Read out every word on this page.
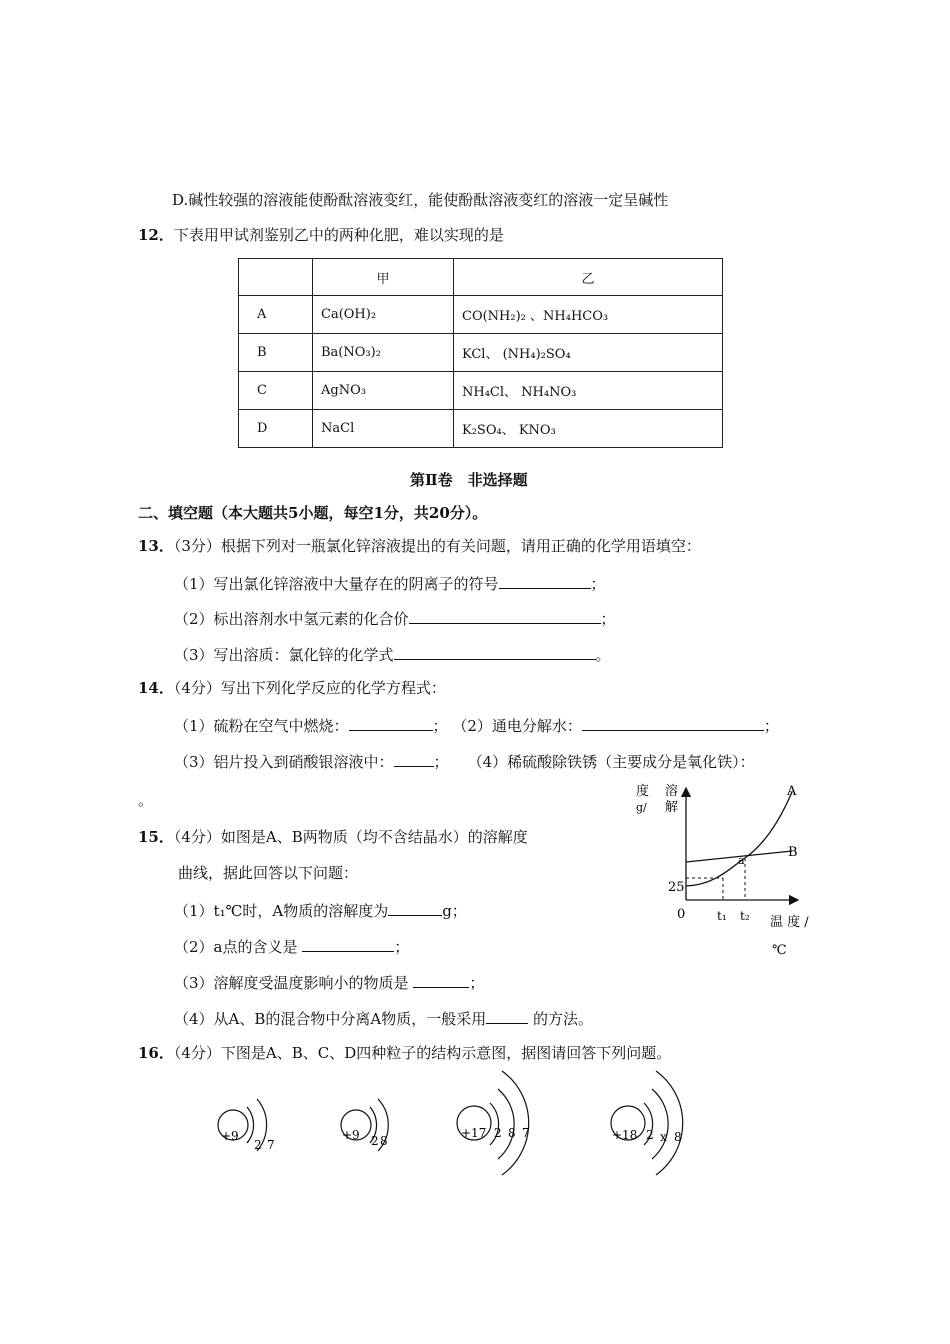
D.碱性较强的溶液能使酚酞溶液变红，能使酚酞溶液变红的溶液一定呈碱性
12．下表用甲试剂鉴别乙中的两种化肥，难以实现的是
	甲	乙
A	Ca(OH)₂	CO(NH₂)₂ 、NH₄HCO₃
B	Ba(NO₃)₂	KCl、 (NH₄)₂SO₄
C	AgNO₃	NH₄Cl、 NH₄NO₃
D	NaCl	K₂SO₄、 KNO₃
第Ⅱ卷　非选择题
二、填空题（本大题共5小题，每空1分，共20分）。
13．（3分）根据下列对一瓶氯化锌溶液提出的有关问题，请用正确的化学用语填空：
（1）写出氯化锌溶液中大量存在的阴离子的符号	；
（2）标出溶剂水中氢元素的化合价	；
（3）写出溶质：氯化锌的化学式	。
14．（4分）写出下列化学反应的化学方程式：
（1）硫粉在空气中燃烧：	； （2）通电分解水：	；
（3）铝片投入到硝酸银溶液中：	； （4）稀硫酸除铁锈（主要成分是氧化铁）：
。
15．（4分）如图是A、B两物质（均不含结晶水）的溶解度
曲线，据此回答以下问题：
（1）t₁℃时，A物质的溶解度为	g；
（2）a点的含义是	；
（3）溶解度受温度影响小的物质是	；
（4）从A、B的混合物中分离A物质，一般采用	的方法。
溶
解
度
g/
A
B
a
25
0	t₁ t₂ 温 度 /
℃
16．（4分）下图是A、B、C、D四种粒子的结构示意图，据图请回答下列问题。
+9
2 7
+9 2 8
+17 2 8 7	+18 2 x 8
